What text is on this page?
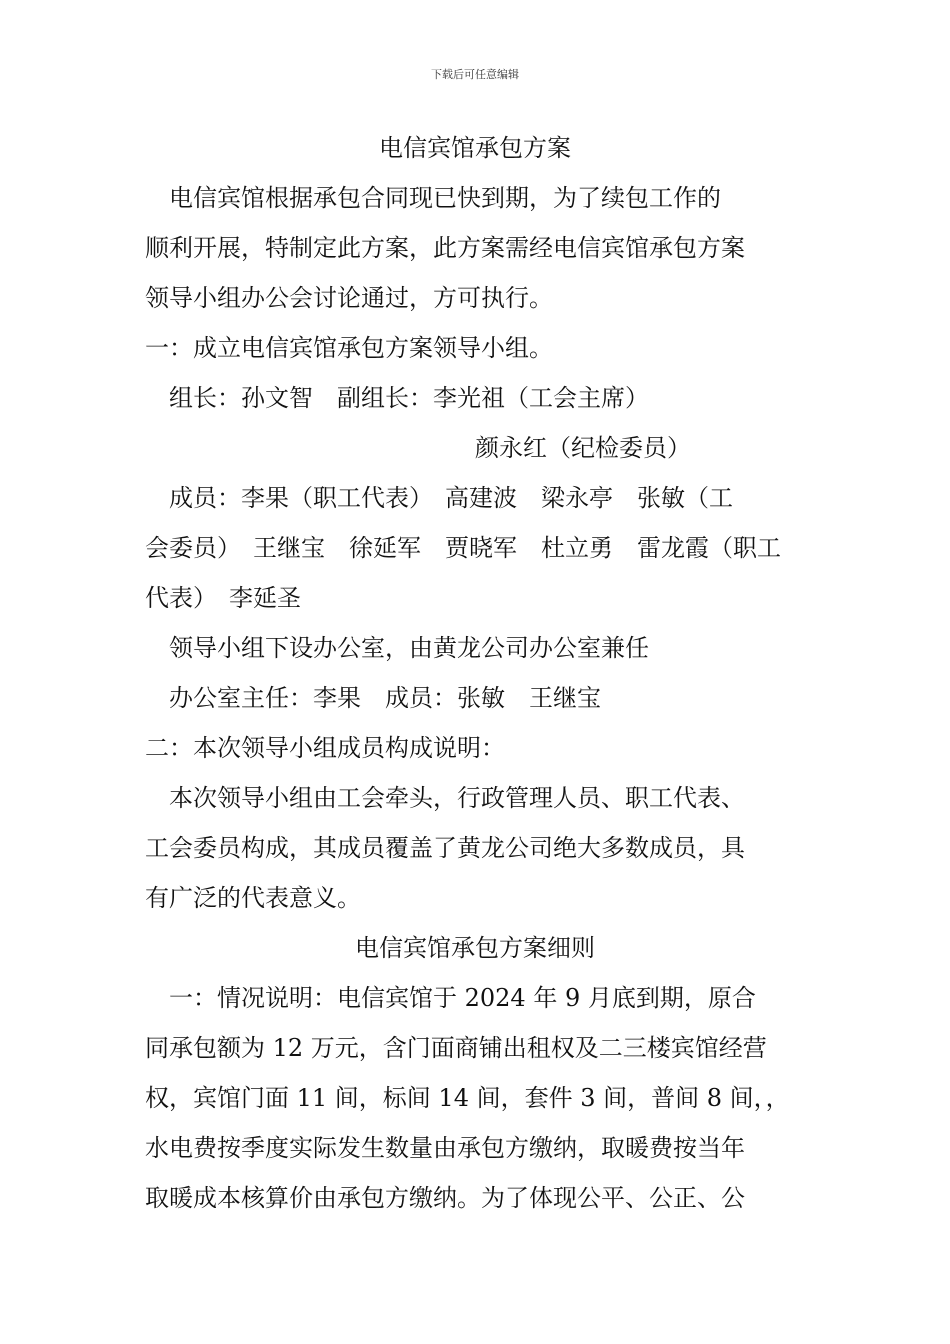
下载后可任意编辑
电信宾馆承包方案
　电信宾馆根据承包合同现已快到期，为了续包工作的
顺利开展，特制定此方案，此方案需经电信宾馆承包方案
领导小组办公会讨论通过，方可执行。
一：成立电信宾馆承包方案领导小组。
　组长：孙文智　副组长：李光祖（工会主席）
颜永红（纪检委员）
　成员：李果（职工代表）　高建波　梁永亭　张敏（工
会委员）　王继宝　徐延军　贾晓军　杜立勇　雷龙霞（职工
代表）　李延圣
　领导小组下设办公室，由黄龙公司办公室兼任
　办公室主任：李果　成员：张敏　王继宝
二：本次领导小组成员构成说明：
　本次领导小组由工会牵头，行政管理人员、职工代表、
工会委员构成，其成员覆盖了黄龙公司绝大多数成员，具
有广泛的代表意义。
电信宾馆承包方案细则
　一：情况说明：电信宾馆于 2024 年 9 月底到期，原合
同承包额为 12 万元，含门面商铺出租权及二三楼宾馆经营
权，宾馆门面 11 间，标间 14 间，套件 3 间，普间 8 间，，
水电费按季度实际发生数量由承包方缴纳，取暖费按当年
取暖成本核算价由承包方缴纳。为了体现公平、公正、公
